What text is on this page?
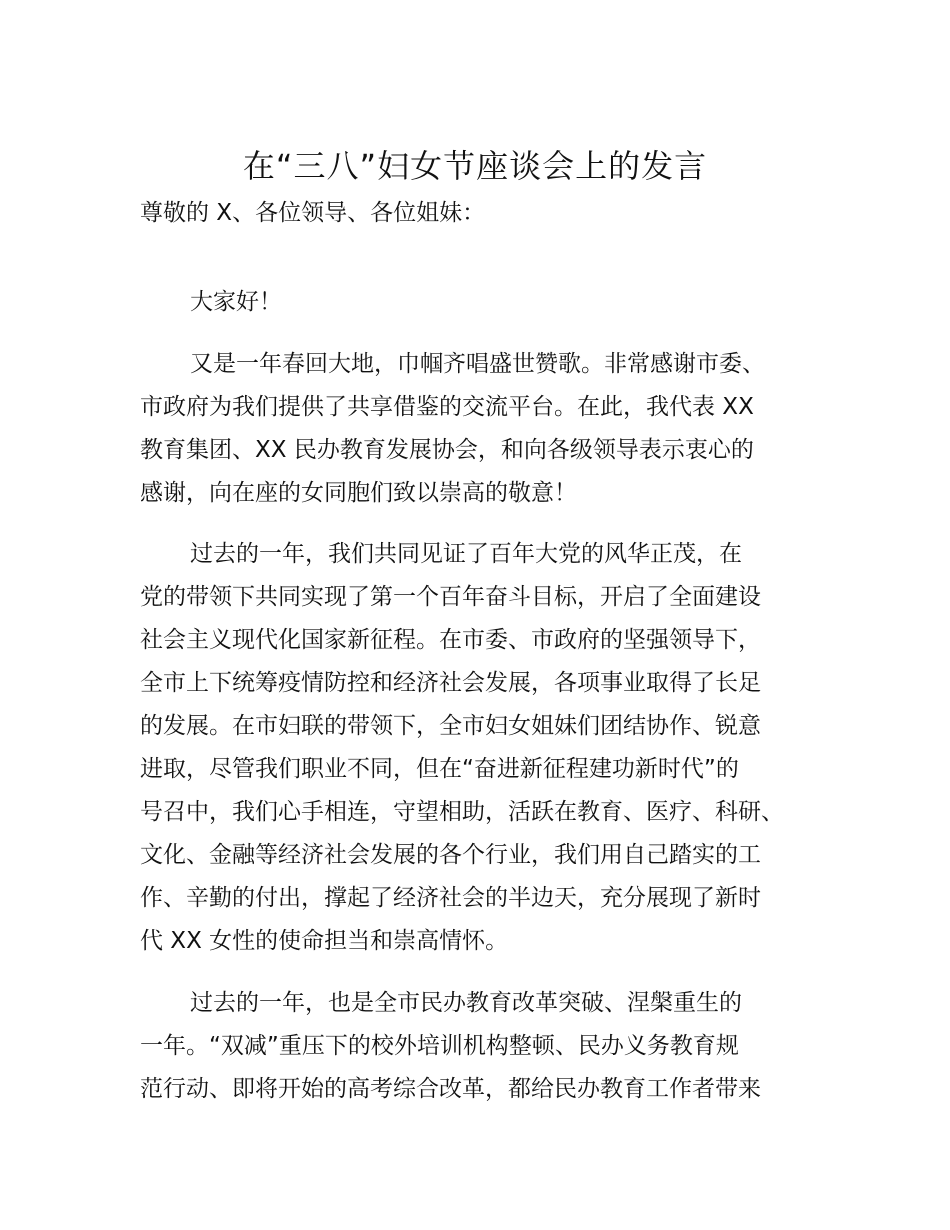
在“三八”妇女节座谈会上的发言

尊敬的 X、各位领导、各位姐妹：

大家好！

又是一年春回大地，巾帼齐唱盛世赞歌。非常感谢市委、

市政府为我们提供了共享借鉴的交流平台。在此，我代表 XX

教育集团、XX 民办教育发展协会，和向各级领导表示衷心的

感谢，向在座的女同胞们致以崇高的敬意！

过去的一年，我们共同见证了百年大党的风华正茂，在

党的带领下共同实现了第一个百年奋斗目标，开启了全面建设

社会主义现代化国家新征程。在市委、市政府的坚强领导下，

全市上下统筹疫情防控和经济社会发展，各项事业取得了长足

的发展。在市妇联的带领下，全市妇女姐妹们团结协作、锐意

进取，尽管我们职业不同，但在“奋进新征程建功新时代”的

号召中，我们心手相连，守望相助，活跃在教育、医疗、科研、

文化、金融等经济社会发展的各个行业，我们用自己踏实的工

作、辛勤的付出，撑起了经济社会的半边天，充分展现了新时

代 XX 女性的使命担当和崇高情怀。

过去的一年，也是全市民办教育改革突破、涅槃重生的

一年。“双减”重压下的校外培训机构整顿、民办义务教育规

范行动、即将开始的高考综合改革，都给民办教育工作者带来
